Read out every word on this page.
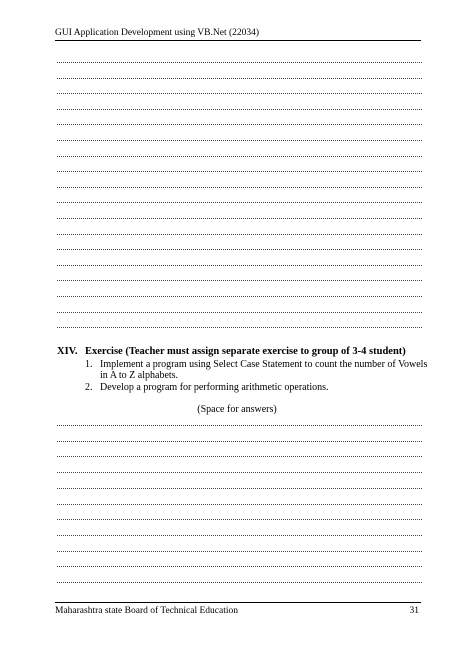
GUI Application Development using VB.Net (22034)
XIV. Exercise (Teacher must assign separate exercise to group of 3-4 student)
1. Implement a program using Select Case Statement to count the number of Vowels
in A to Z alphabets.
2. Develop a program for performing arithmetic operations.
(Space for answers)
Maharashtra state Board of Technical Education	31
